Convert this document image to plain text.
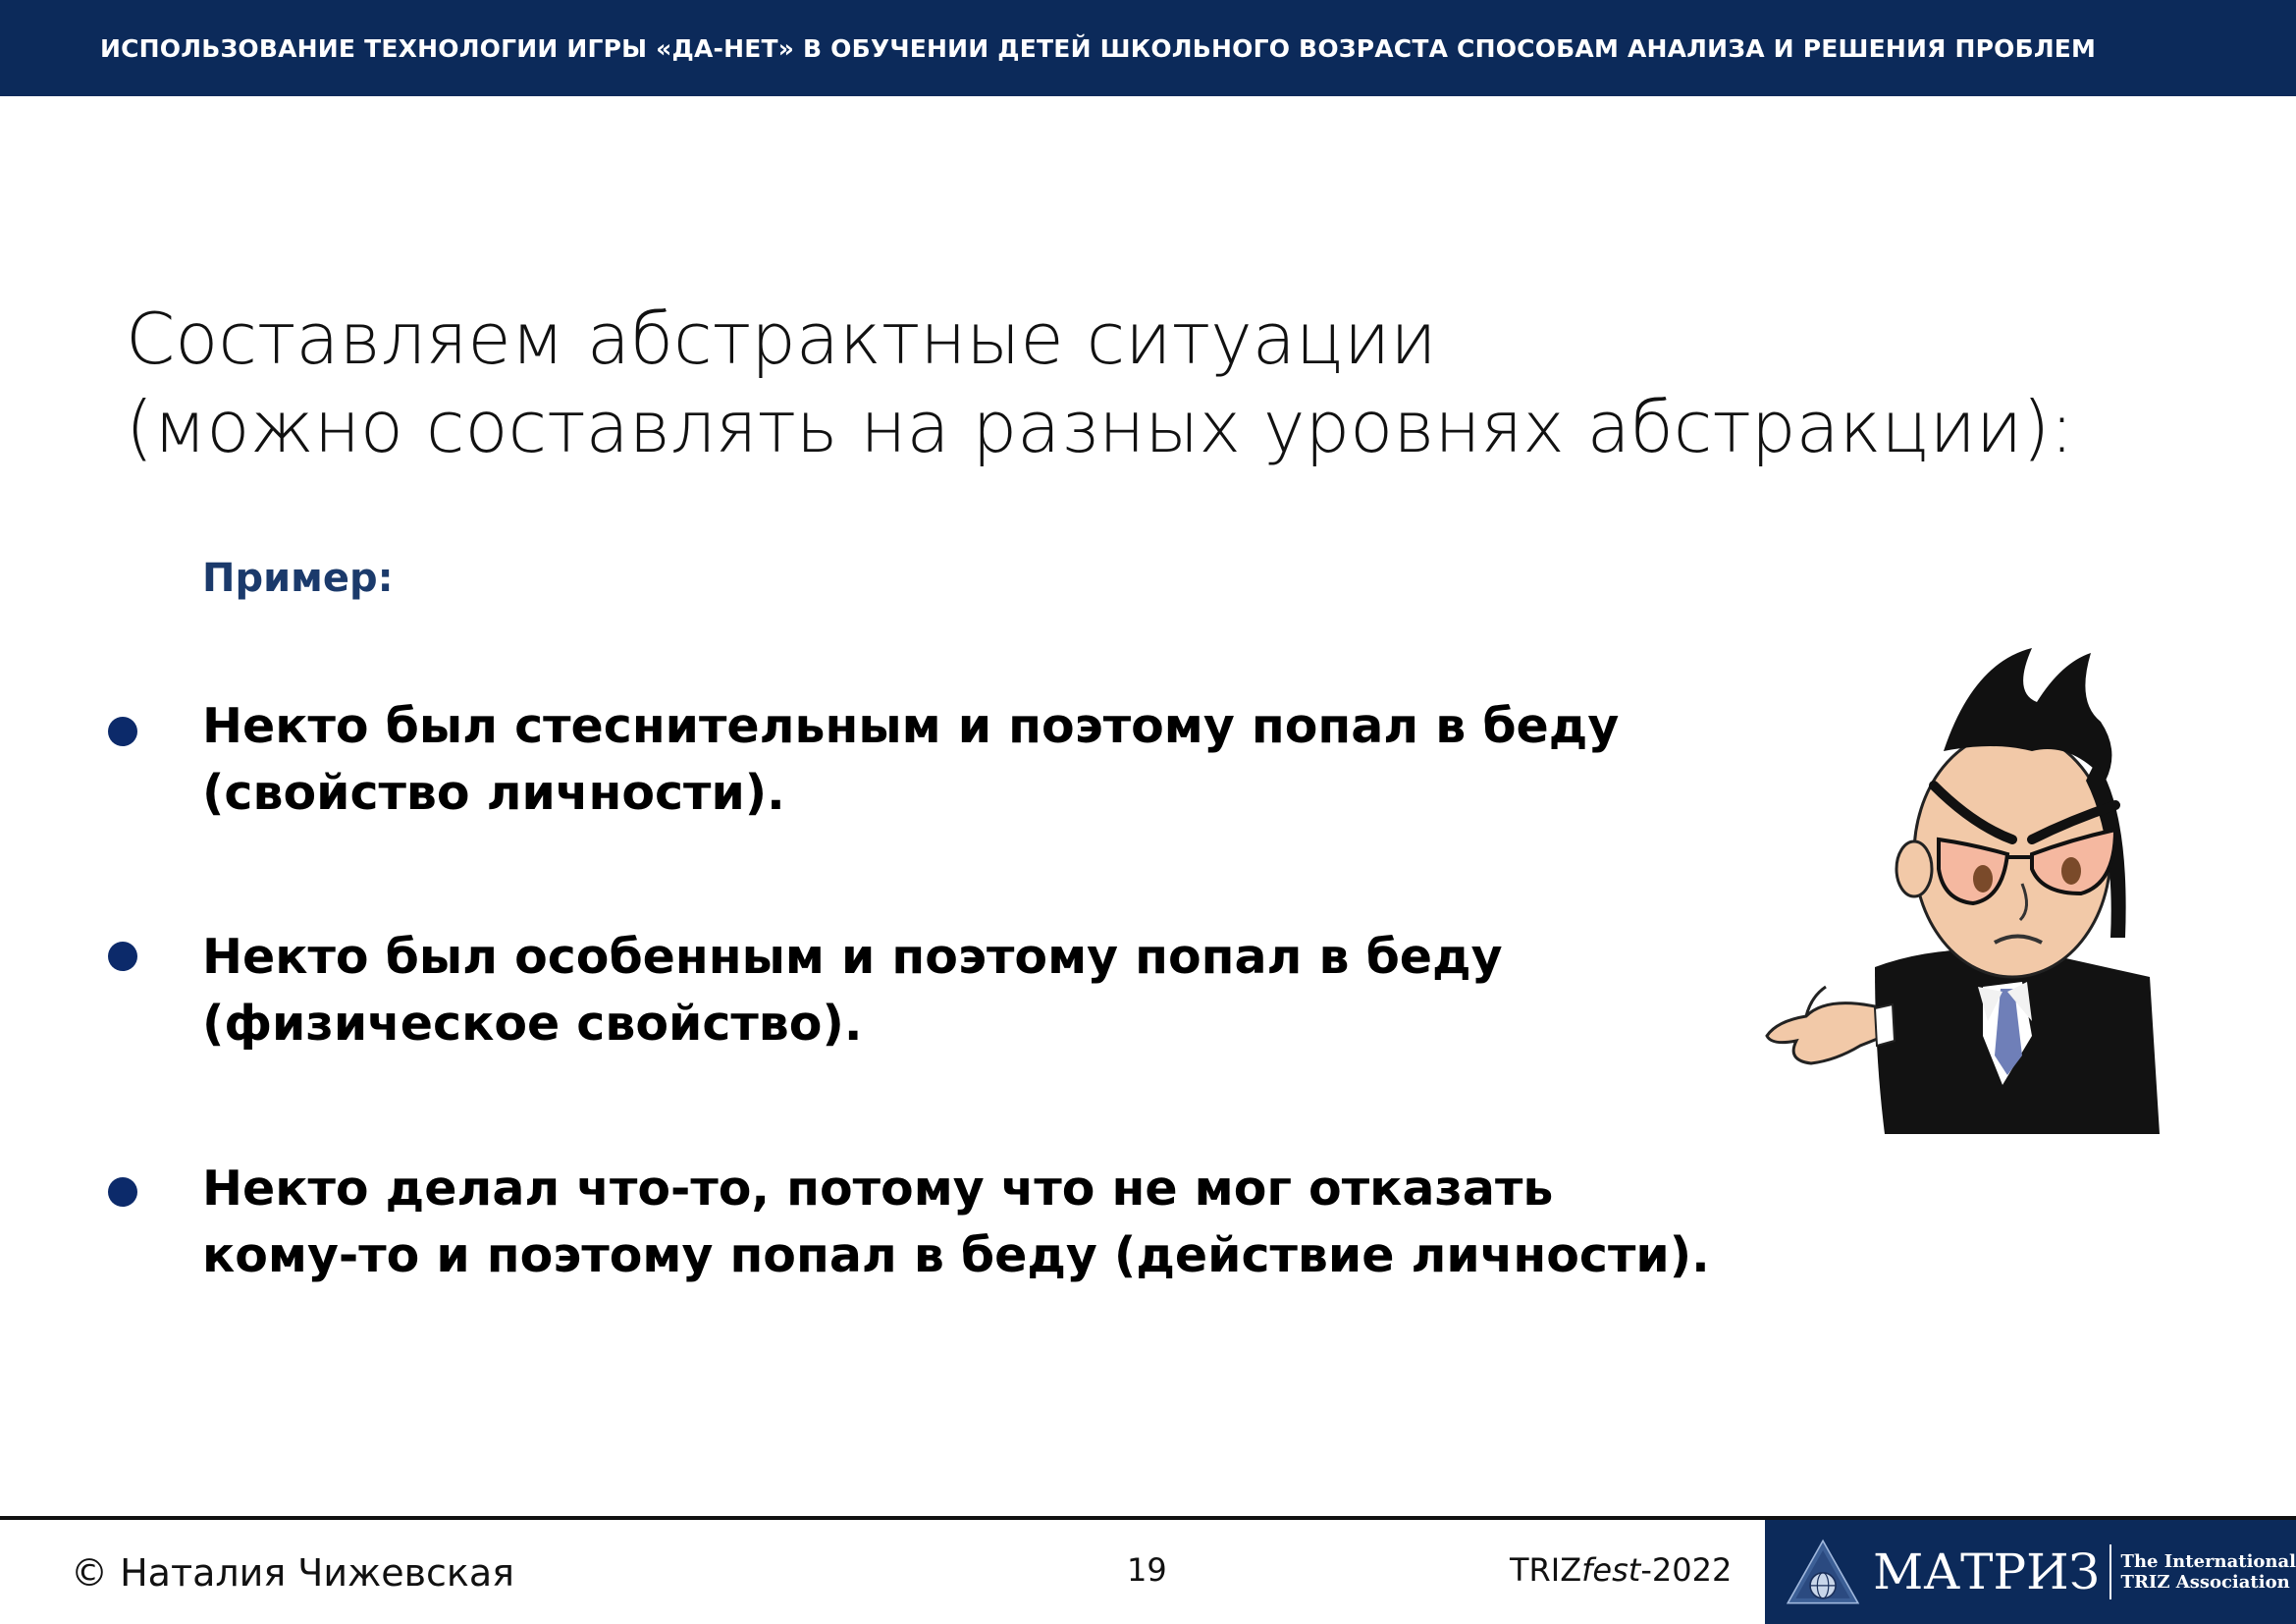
ИСПОЛЬЗОВАНИЕ ТЕХНОЛОГИИ ИГРЫ «ДА-НЕТ» В ОБУЧЕНИИ ДЕТЕЙ ШКОЛЬНОГО ВОЗРАСТА СПОСОБАМ АНАЛИЗА И РЕШЕНИЯ ПРОБЛЕМ
Составляем абстрактные ситуации
(можно составлять на разных уровнях абстракции):
Пример:
Некто был стеснительным и поэтому попал в беду
(свойство личности).
Некто был особенным и поэтому попал в беду
(физическое свойство).
Некто делал что-то, потому что не мог отказать
кому-то и поэтому попал в беду (действие личности).
© Наталия Чижевская	19	TRIZfest-2022	МАТРИЗ The International
TRIZ Association
